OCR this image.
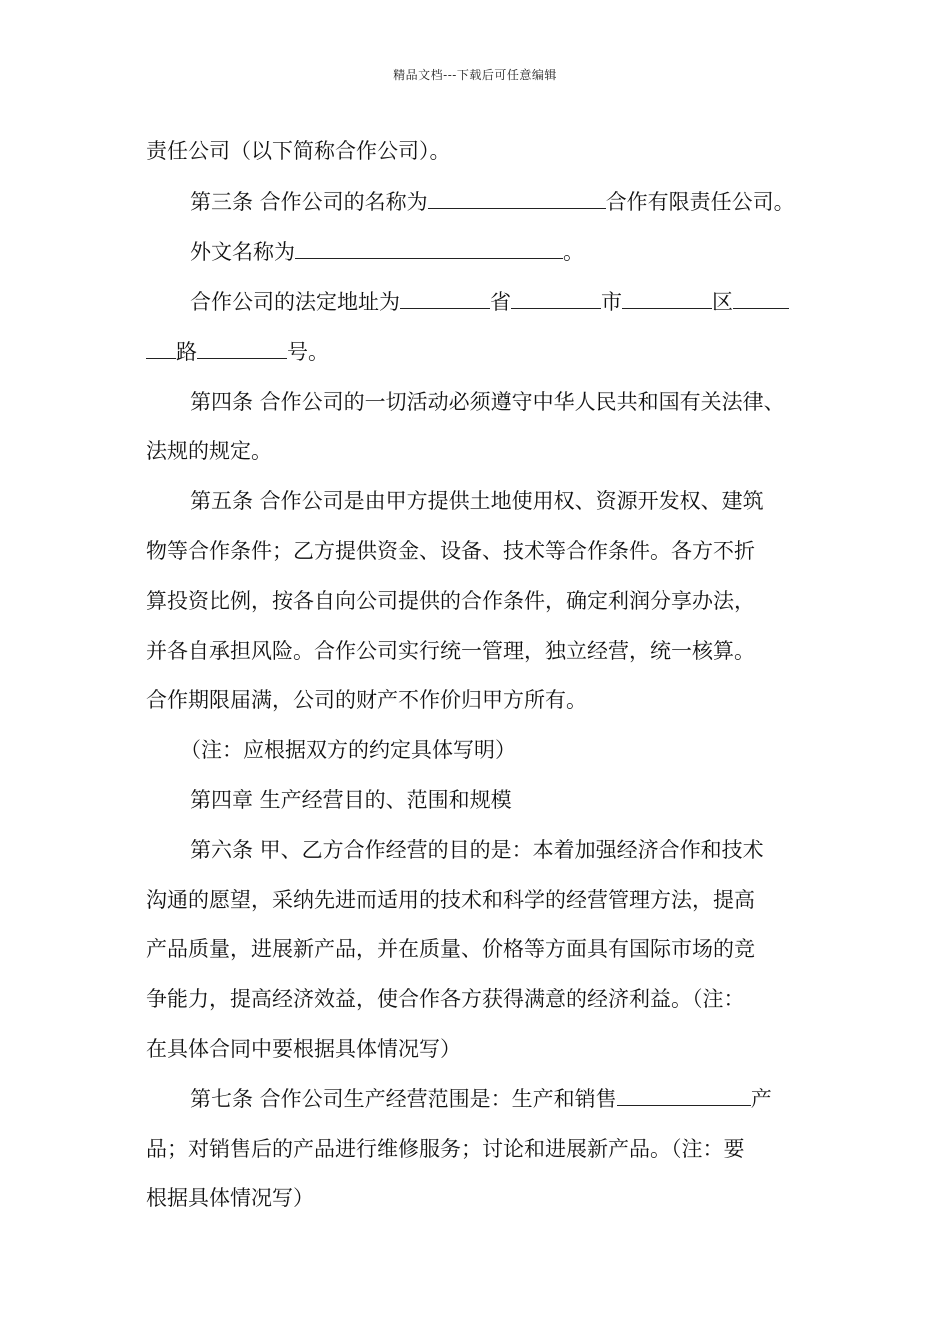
精品文档---下载后可任意编辑
责任公司（以下简称合作公司）。
第三条 合作公司的名称为	合作有限责任公司。
外文名称为	。
合作公司的法定地址为	省	市	区
路	号。
第四条 合作公司的一切活动必须遵守中华人民共和国有关法律、
法规的规定。
第五条 合作公司是由甲方提供土地使用权、资源开发权、建筑
物等合作条件；乙方提供资金、设备、技术等合作条件。各方不折
算投资比例，按各自向公司提供的合作条件，确定利润分享办法，
并各自承担风险。合作公司实行统一管理，独立经营，统一核算。
合作期限届满，公司的财产不作价归甲方所有。
（注：应根据双方的约定具体写明）
第四章 生产经营目的、范围和规模
第六条 甲、乙方合作经营的目的是：本着加强经济合作和技术
沟通的愿望，采纳先进而适用的技术和科学的经营管理方法，提高
产品质量，进展新产品，并在质量、价格等方面具有国际市场的竞
争能力，提高经济效益，使合作各方获得满意的经济利益。（注：
在具体合同中要根据具体情况写）
第七条 合作公司生产经营范围是：生产和销售	产
品；对销售后的产品进行维修服务；讨论和进展新产品。（注：要
根据具体情况写）
